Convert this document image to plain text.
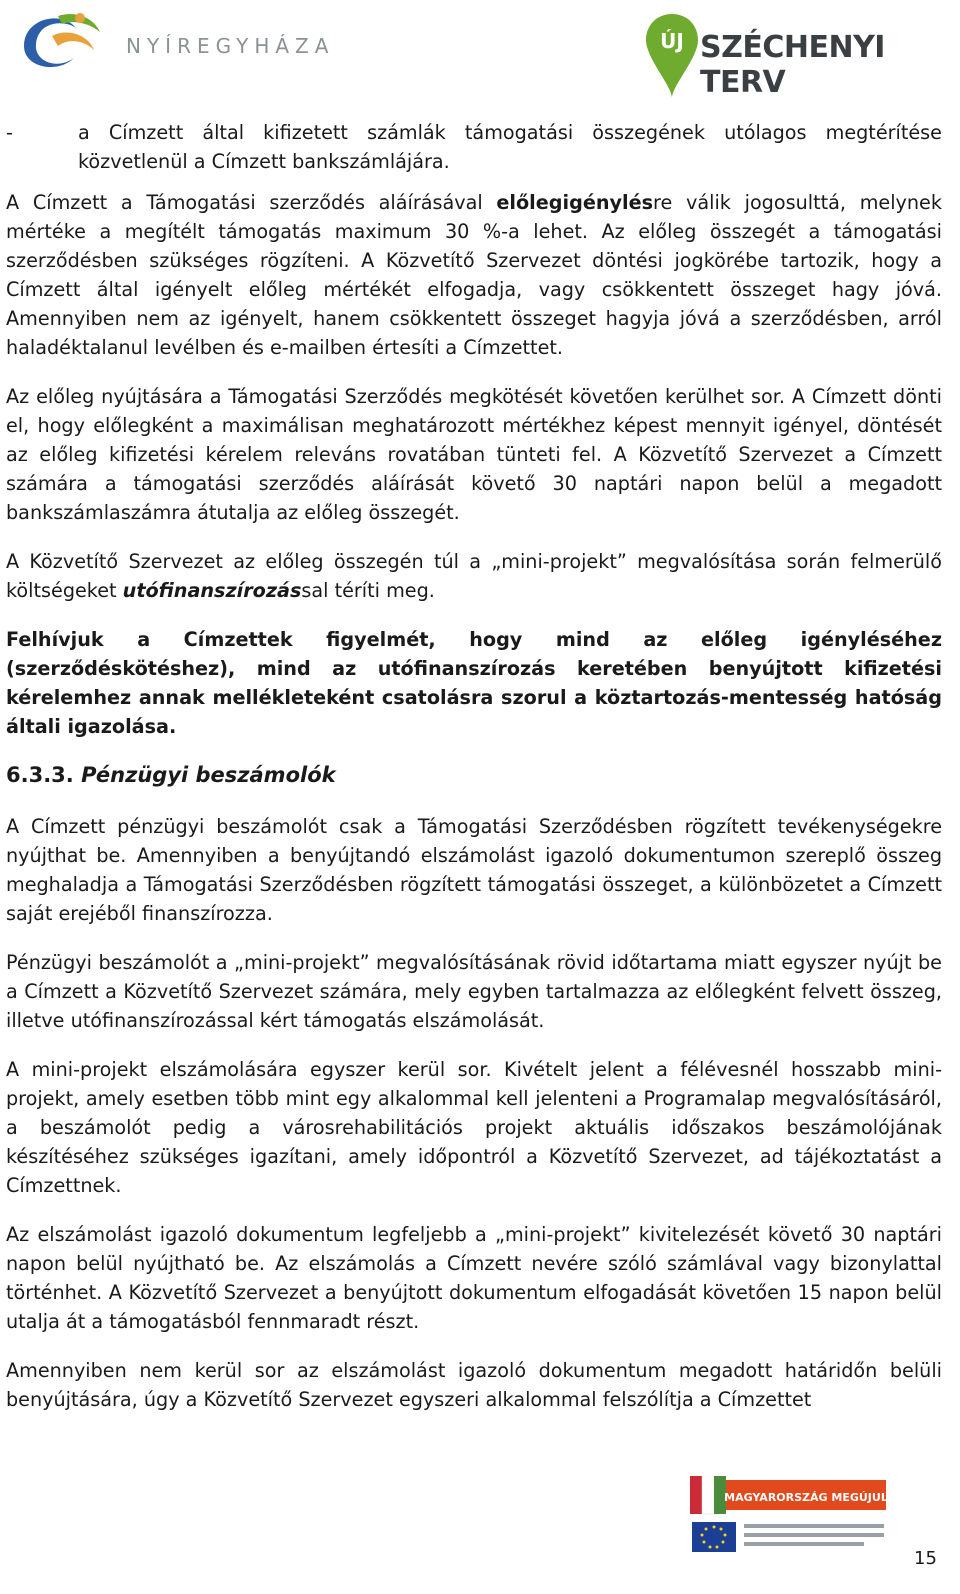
NYÍREGYHÁZA	ÚJ SZÉCHENYI TERV
-	a Címzett által kifizetett számlák támogatási összegének utólagos megtérítése közvetlenül a Címzett bankszámlájára.

A Címzett a Támogatási szerződés aláírásával előlegigénylésre válik jogosulttá, melynek mértéke a megítélt támogatás maximum 30 %-a lehet. Az előleg összegét a támogatási szerződésben szükséges rögzíteni. A Közvetítő Szervezet döntési jogkörébe tartozik, hogy a Címzett által igényelt előleg mértékét elfogadja, vagy csökkentett összeget hagy jóvá. Amennyiben nem az igényelt, hanem csökkentett összeget hagyja jóvá a szerződésben, arról haladéktalanul levélben és e-mailben értesíti a Címzettet.

Az előleg nyújtására a Támogatási Szerződés megkötését követően kerülhet sor. A Címzett dönti el, hogy előlegként a maximálisan meghatározott mértékhez képest mennyit igényel, döntését az előleg kifizetési kérelem releváns rovatában tünteti fel. A Közvetítő Szervezet a Címzett számára a támogatási szerződés aláírását követő 30 naptári napon belül a megadott bankszámlaszámra átutalja az előleg összegét.

A Közvetítő Szervezet az előleg összegén túl a „mini-projekt” megvalósítása során felmerülő költségeket utófinanszírozással téríti meg.

Felhívjuk a Címzettek figyelmét, hogy mind az előleg igényléséhez (szerződéskötéshez), mind az utófinanszírozás keretében benyújtott kifizetési kérelemhez annak mellékleteként csatolásra szorul a köztartozás-mentesség hatóság általi igazolása.

6.3.3. Pénzügyi beszámolók

A Címzett pénzügyi beszámolót csak a Támogatási Szerződésben rögzített tevékenységekre nyújthat be. Amennyiben a benyújtandó elszámolást igazoló dokumentumon szereplő összeg meghaladja a Támogatási Szerződésben rögzített támogatási összeget, a különbözetet a Címzett saját erejéből finanszírozza.

Pénzügyi beszámolót a „mini-projekt” megvalósításának rövid időtartama miatt egyszer nyújt be a Címzett a Közvetítő Szervezet számára, mely egyben tartalmazza az előlegként felvett összeg, illetve utófinanszírozással kért támogatás elszámolását.

A mini-projekt elszámolására egyszer kerül sor. Kivételt jelent a félévesnél hosszabb mini-projekt, amely esetben több mint egy alkalommal kell jelenteni a Programalap megvalósításáról, a beszámolót pedig a városrehabilitációs projekt aktuális időszakos beszámolójának készítéséhez szükséges igazítani, amely időpontról a Közvetítő Szervezet, ad tájékoztatást a Címzettnek.

Az elszámolást igazoló dokumentum legfeljebb a „mini-projekt” kivitelezését követő 30 naptári napon belül nyújtható be. Az elszámolás a Címzett nevére szóló számlával vagy bizonylattal történhet. A Közvetítő Szervezet a benyújtott dokumentum elfogadását követően 15 napon belül utalja át a támogatásból fennmaradt részt.

Amennyiben nem kerül sor az elszámolást igazoló dokumentum megadott határidőn belüli benyújtására, úgy a Közvetítő Szervezet egyszeri alkalommal felszólítja a Címzettet

MAGYARORSZÁG MEGÚJUL
15
